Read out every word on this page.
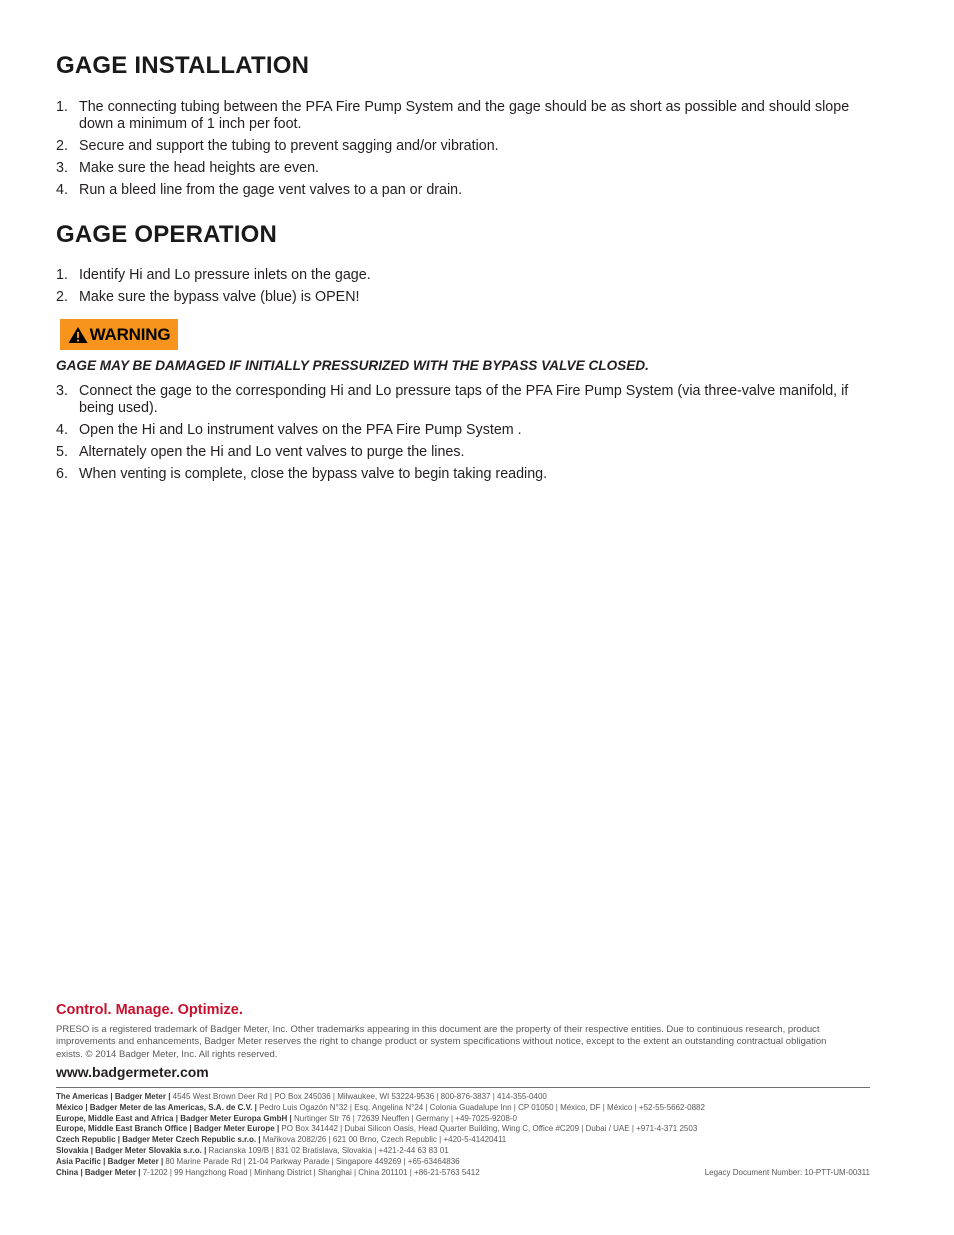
GAGE INSTALLATION
1. The connecting tubing between the PFA Fire Pump System and the gage should be as short as possible and should slope down a minimum of 1 inch per foot.
2. Secure and support the tubing to prevent sagging and/or vibration.
3. Make sure the head heights are even.
4. Run a bleed line from the gage vent valves to a pan or drain.
GAGE OPERATION
1. Identify Hi and Lo pressure inlets on the gage.
2. Make sure the bypass valve (blue) is OPEN!
3. Connect the gage to the corresponding Hi and Lo pressure taps of the PFA Fire Pump System (via three-valve manifold, if being used).
4. Open the Hi and Lo instrument valves on the PFA Fire Pump System .
5. Alternately open the Hi and Lo vent valves to purge the lines.
6. When venting is complete, close the bypass valve to begin taking reading.
WARNING
GAGE MAY BE DAMAGED IF INITIALLY PRESSURIZED WITH THE BYPASS VALVE CLOSED.
Control. Manage. Optimize.
PRESO is a registered trademark of Badger Meter, Inc. Other trademarks appearing in this document are the property of their respective entities. Due to continuous research, product improvements and enhancements, Badger Meter reserves the right to change product or system specifications without notice, except to the extent an outstanding contractual obligation exists. © 2014 Badger Meter, Inc. All rights reserved.
www.badgermeter.com
The Americas | Badger Meter | 4545 West Brown Deer Rd | PO Box 245036 | Milwaukee, WI 53224-9536 | 800-876-3837 | 414-355-0400
México | Badger Meter de las Americas, S.A. de C.V. | Pedro Luis Ogazón N°32 | Esq. Angelina N°24 | Colonia Guadalupe Inn | CP 01050 | México, DF | México | +52-55-5662-0882
Europe, Middle East and Africa | Badger Meter Europa GmbH | Nurtinger Str 76 | 72639 Neuffen | Germany | +49-7025-9208-0
Europe, Middle East Branch Office | Badger Meter Europe | PO Box 341442 | Dubai Silicon Oasis, Head Quarter Building, Wing C, Office #C209 | Dubai / UAE | +971-4-371 2503
Czech Republic | Badger Meter Czech Republic s.r.o. | Mařikova 2082/26 | 621 00 Brno, Czech Republic | +420-5-41420411
Slovakia | Badger Meter Slovakia s.r.o. | Racianska 109/B | 831 02 Bratislava, Slovakia | +421-2-44 63 83 01
Asia Pacific | Badger Meter | 80 Marine Parade Rd | 21-04 Parkway Parade | Singapore 449269 | +65-63464836
China | Badger Meter | 7-1202 | 99 Hangzhong Road | Minhang District | Shanghai | China 201101 | +86-21-5763 5412	Legacy Document Number: 10-PTT-UM-00311
